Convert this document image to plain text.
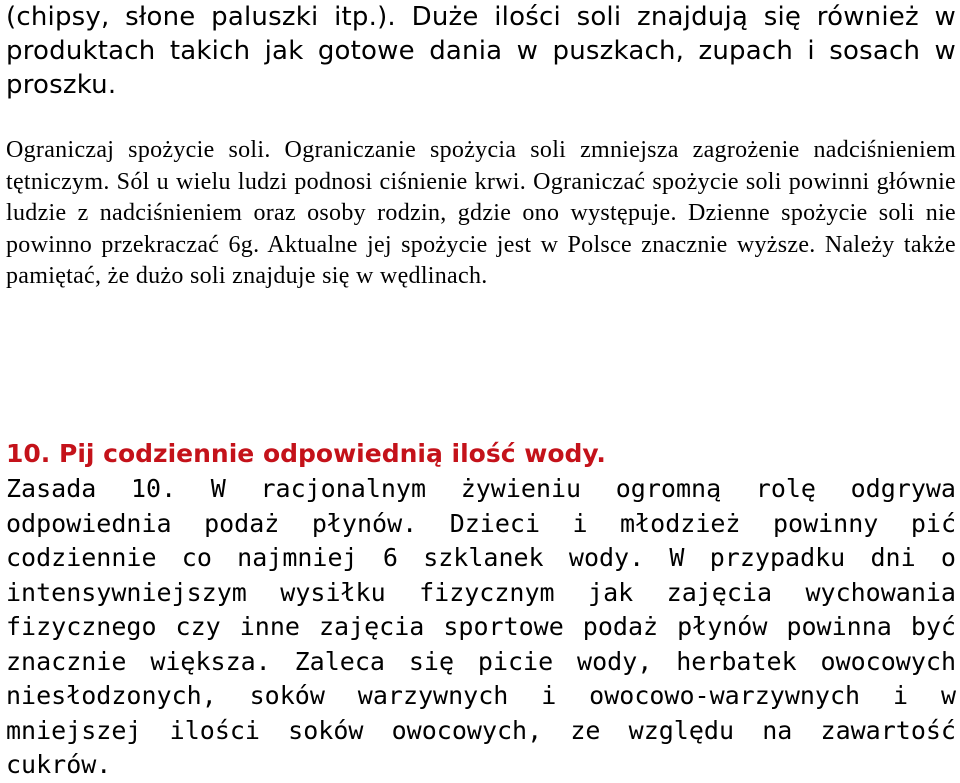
(chipsy, słone paluszki itp.). Duże ilości soli znajdują się również w produktach takich jak gotowe dania w puszkach, zupach i sosach w proszku.

Ograniczaj spożycie soli. Ograniczanie spożycia soli zmniejsza zagrożenie nadciśnieniem tętniczym. Sól u wielu ludzi podnosi ciśnienie krwi. Ograniczać spożycie soli powinni głównie ludzie z nadciśnieniem oraz osoby rodzin, gdzie ono występuje. Dzienne spożycie soli nie powinno przekraczać 6g. Aktualne jej spożycie jest w Polsce znacznie wyższe. Należy także pamiętać, że dużo soli znajduje się w wędlinach.

10. Pij codziennie odpowiednią ilość wody.

Zasada 10. W racjonalnym żywieniu ogromną rolę odgrywa odpowiednia podaż płynów. Dzieci i młodzież powinny pić codziennie co najmniej 6 szklanek wody. W przypadku dni o intensywniejszym wysiłku fizycznym jak zajęcia wychowania fizycznego czy inne zajęcia sportowe podaż płynów powinna być znacznie większa. Zaleca się picie wody, herbatek owocowych niesłodzonych, soków warzywnych i owocowo-warzywnych i w mniejszej ilości soków owocowych, ze względu na zawartość cukrów.
